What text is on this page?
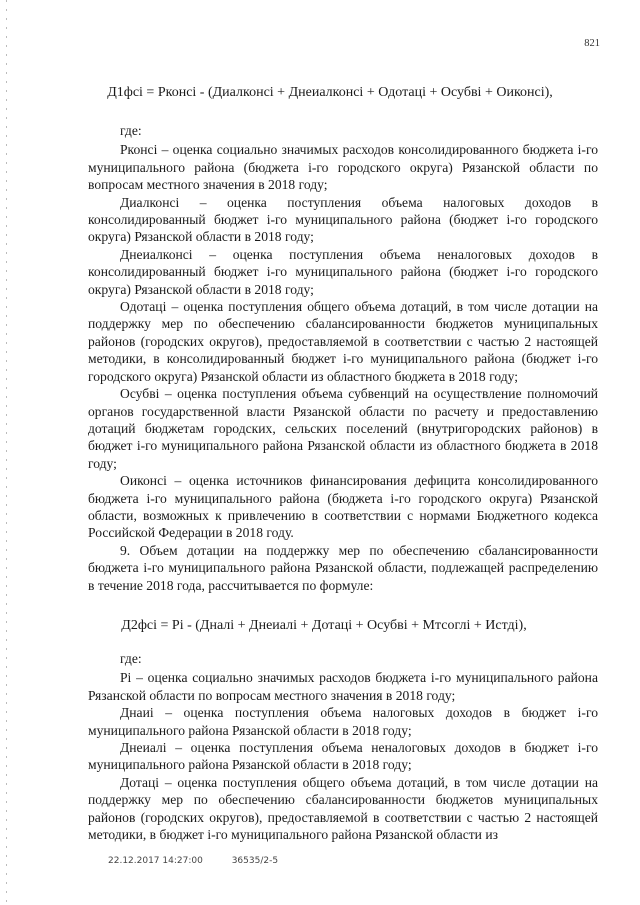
821
Д1фсi = Рконсi - (Диалконсi + Днеиалконсi + Одотацi + Осубвi + Оиконсi),

где:

Рконсi – оценка социально значимых расходов консолидированного бюджета i-го муниципального района (бюджета i-го городского округа) Рязанской области по вопросам местного значения в 2018 году;

Диалконсi – оценка поступления объема налоговых доходов в консолидированный бюджет i-го муниципального района (бюджет i-го городского округа) Рязанской области в 2018 году;

Днеиалконсi – оценка поступления объема неналоговых доходов в консолидированный бюджет i-го муниципального района (бюджет i-го городского округа) Рязанской области в 2018 году;

Одотацi – оценка поступления общего объема дотаций, в том числе дотации на поддержку мер по обеспечению сбалансированности бюджетов муниципальных районов (городских округов), предоставляемой в соответствии с частью 2 настоящей методики, в консолидированный бюджет i-го муниципального района (бюджет i-го городского округа) Рязанской области из областного бюджета в 2018 году;

Осубвi – оценка поступления объема субвенций на осуществление полномочий органов государственной власти Рязанской области по расчету и предоставлению дотаций бюджетам городских, сельских поселений (внутригородских районов) в бюджет i-го муниципального района Рязанской области из областного бюджета в 2018 году;

Оиконсi – оценка источников финансирования дефицита консолидированного бюджета i-го муниципального района (бюджета i-го городского округа) Рязанской области, возможных к привлечению в соответствии с нормами Бюджетного кодекса Российской Федерации в 2018 году.

9. Объем дотации на поддержку мер по обеспечению сбалансированности бюджета i-го муниципального района Рязанской области, подлежащей распределению в течение 2018 года, рассчитывается по формуле:

Д2фсi = Рi - (Дналi + Днеиалi + Дотацi + Осубвi + Мтсоглi + Истдi),

где:

Рi – оценка социально значимых расходов бюджета i-го муниципального района Рязанской области по вопросам местного значения в 2018 году;

Днаиi – оценка поступления объема налоговых доходов в бюджет i-го муниципального района Рязанской области в 2018 году;

Днеиалi – оценка поступления объема неналоговых доходов в бюджет i-го муниципального района Рязанской области в 2018 году;

Дотацi – оценка поступления общего объема дотаций, в том числе дотации на поддержку мер по обеспечению сбалансированности бюджетов муниципальных районов (городских округов), предоставляемой в соответствии с частью 2 настоящей методики, в бюджет i-го муниципального района Рязанской области из

22.12.2017 14:27:00	36535/2-5
